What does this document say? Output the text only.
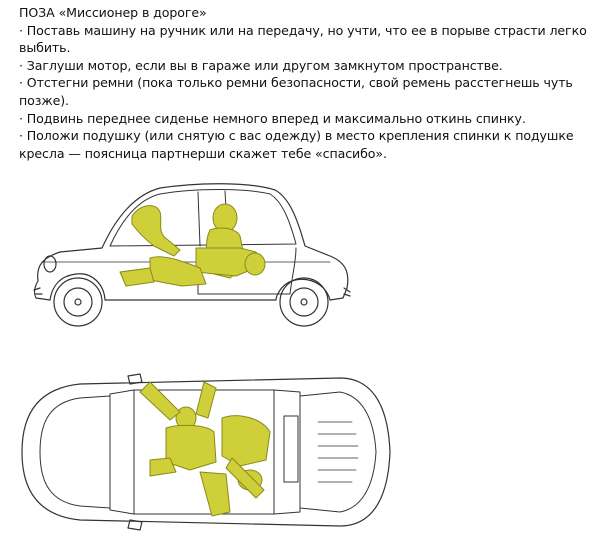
ПОЗА «Миссионер в дороге»

· Поставь машину на ручник или на передачу, но учти, что ее в порыве страсти легко выбить.

· Заглуши мотор, если вы в гараже или другом замкнутом пространстве.

· Отстегни ремни (пока только ремни безопасности, свой ремень расстегнешь чуть позже).

· Подвинь переднее сиденье немного вперед и максимально откинь спинку.

· Положи подушку (или снятую с вас одежду) в место крепления спинки к подушке кресла — поясница партнерши скажет тебе «спасибо».
